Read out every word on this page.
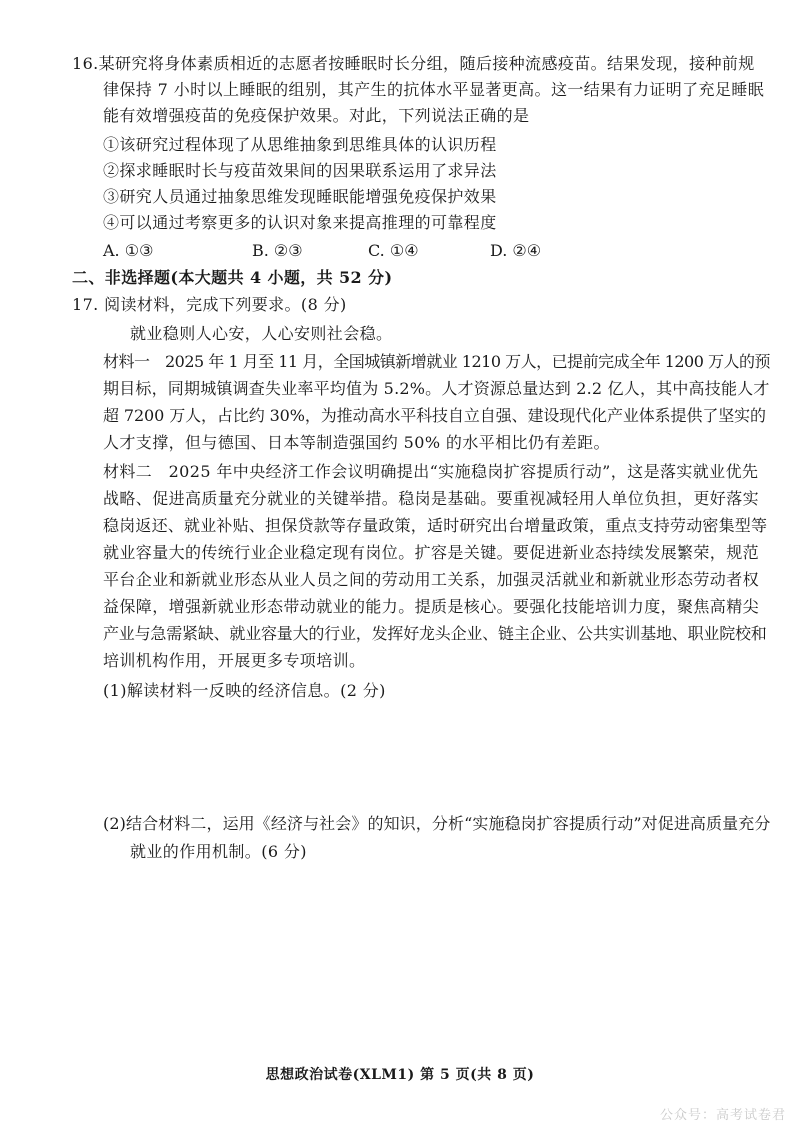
16.某研究将身体素质相近的志愿者按睡眠时长分组，随后接种流感疫苗。结果发现，接种前规
律保持 7 小时以上睡眠的组别，其产生的抗体水平显著更高。这一结果有力证明了充足睡眠
能有效增强疫苗的免疫保护效果。对此，下列说法正确的是
①该研究过程体现了从思维抽象到思维具体的认识历程
②探求睡眠时长与疫苗效果间的因果联系运用了求异法
③研究人员通过抽象思维发现睡眠能增强免疫保护效果
④可以通过考察更多的认识对象来提高推理的可靠程度
A. ①③	B. ②③	C. ①④	D. ②④
二、非选择题(本大题共 4 小题，共 52 分)
17. 阅读材料，完成下列要求。(8 分)
就业稳则人心安，人心安则社会稳。
材料一　2025 年 1 月至 11 月，全国城镇新增就业 1210 万人，已提前完成全年 1200 万人的预
期目标，同期城镇调查失业率平均值为 5.2%。人才资源总量达到 2.2 亿人，其中高技能人才
超 7200 万人，占比约 30%，为推动高水平科技自立自强、建设现代化产业体系提供了坚实的
人才支撑，但与德国、日本等制造强国约 50% 的水平相比仍有差距。
材料二　2025 年中央经济工作会议明确提出“实施稳岗扩容提质行动”，这是落实就业优先
战略、促进高质量充分就业的关键举措。稳岗是基础。要重视减轻用人单位负担，更好落实
稳岗返还、就业补贴、担保贷款等存量政策，适时研究出台增量政策，重点支持劳动密集型等
就业容量大的传统行业企业稳定现有岗位。扩容是关键。要促进新业态持续发展繁荣，规范
平台企业和新就业形态从业人员之间的劳动用工关系，加强灵活就业和新就业形态劳动者权
益保障，增强新就业形态带动就业的能力。提质是核心。要强化技能培训力度，聚焦高精尖
产业与急需紧缺、就业容量大的行业，发挥好龙头企业、链主企业、公共实训基地、职业院校和
培训机构作用，开展更多专项培训。
(1)解读材料一反映的经济信息。(2 分)
(2)结合材料二，运用《经济与社会》的知识，分析“实施稳岗扩容提质行动”对促进高质量充分
就业的作用机制。(6 分)
思想政治试卷(XLM1) 第 5 页(共 8 页)
公众号：高考试卷君
